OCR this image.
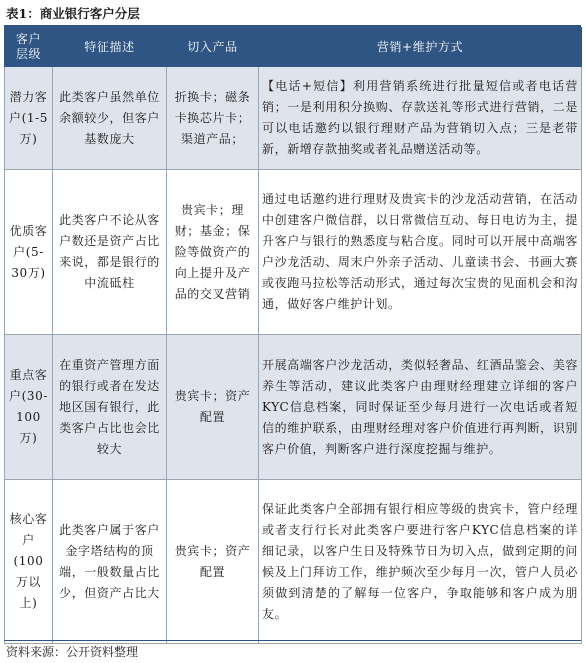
表1：商业银行客户分层
客户层级	特征描述	切入产品	营销+维护方式
潜力客户(1-5万)	此类客户虽然单位余额较少，但客户基数庞大	折换卡；磁条卡换芯片卡；渠道产品；	【电话+短信】利用营销系统进行批量短信或者电话营销；一是利用积分换购、存款送礼等形式进行营销，二是可以电话邀约以银行理财产品为营销切入点；三是老带新，新增存款抽奖或者礼品赠送活动等。
优质客户(5-30万)	此类客户不论从客户数还是资产占比来说，都是银行的中流砥柱	贵宾卡；理财；基金；保险等做资产的向上提升及产品的交叉营销	通过电话邀约进行理财及贵宾卡的沙龙活动营销，在活动中创建客户微信群，以日常微信互动、每日电访为主，提升客户与银行的熟悉度与粘合度。同时可以开展中高端客户沙龙活动、周末户外亲子活动、儿童读书会、书画大赛或夜跑马拉松等活动形式，通过每次宝贵的见面机会和沟通，做好客户维护计划。
重点客户(30-100万)	在重资产管理方面的银行或者在发达地区国有银行，此类客户占比也会比较大	贵宾卡；资产配置	开展高端客户沙龙活动，类似轻奢品、红酒品鉴会、美容养生等活动，建议此类客户由理财经理建立详细的客户KYC信息档案，同时保证至少每月进行一次电话或者短信的维护联系，由理财经理对客户价值进行再判断，识别客户价值，判断客户进行深度挖掘与维护。
核心客户(100万以上)	此类客户属于客户金字塔结构的顶端，一般数量占比少，但资产占比大	贵宾卡；资产配置	保证此类客户全部拥有银行相应等级的贵宾卡，管户经理或者支行行长对此类客户要进行客户KYC信息档案的详细记录，以客户生日及特殊节日为切入点，做到定期的问候及上门拜访工作，维护频次至少每月一次，管户人员必须做到清楚的了解每一位客户，争取能够和客户成为朋友。
资料来源：公开资料整理
